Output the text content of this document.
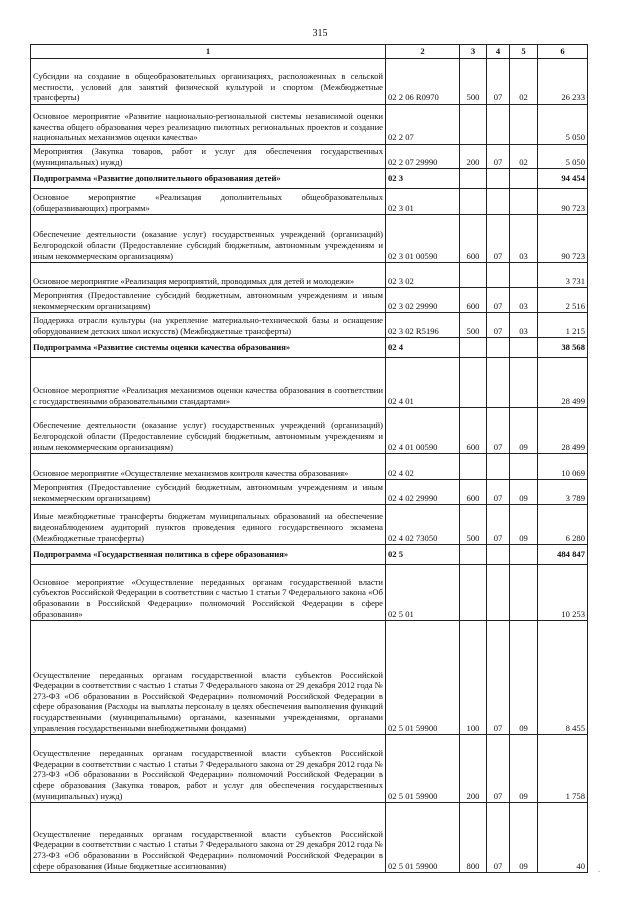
315
1	2	3	4	5	6
Субсидии на создание в общеобразовательных организациях, расположенных в сельской местности, условий для занятий физической культурой и спортом (Межбюджетные трансферты)	02 2 06 R0970	500	07	02	26 233
Основное мероприятие «Развитие национально-региональной системы независимой оценки качества общего образования через реализацию пилотных региональных проектов и создание национальных механизмов оценки качества»	02 2 07				5 050
Мероприятия (Закупка товаров, работ и услуг для обеспечения государственных (муниципальных) нужд)	02 2 07 29990	200	07	02	5 050
Подпрограмма «Развитие дополнительного образования детей»	02 3				94 454
Основное мероприятие «Реализация дополнительных общеобразовательных (общеразвивающих) программ»	02 3 01				90 723
Обеспечение деятельности (оказание услуг) государственных учреждений (организаций) Белгородской области (Предоставление субсидий бюджетным, автономным учреждениям и иным некоммерческим организациям)	02 3 01 00590	600	07	03	90 723
Основное мероприятие «Реализация мероприятий, проводимых для детей и молодежи»	02 3 02				3 731
Мероприятия (Предоставление субсидий бюджетным, автономным учреждениям и иным некоммерческим организациям)	02 3 02 29990	600	07	03	2 516
Поддержка отрасли культуры (на укрепление материально-технической базы и оснащение оборудованием детских школ искусств) (Межбюджетные трансферты)	02 3 02 R5196	500	07	03	1 215
Подпрограмма «Развитие системы оценки качества образования»	02 4				38 568
Основное мероприятие «Реализация механизмов оценки качества образования в соответствии с государственными образовательными стандартами»	02 4 01				28 499
Обеспечение деятельности (оказание услуг) государственных учреждений (организаций) Белгородской области (Предоставление субсидий бюджетным, автономным учреждениям и иным некоммерческим организациям)	02 4 01 00590	600	07	09	28 499
Основное мероприятие «Осуществление механизмов контроля качества образования»	02 4 02				10 069
Мероприятия (Предоставление субсидий бюджетным, автономным учреждениям и иным некоммерческим организациям)	02 4 02 29990	600	07	09	3 789
Иные межбюджетные трансферты бюджетам муниципальных образований на обеспечение видеонаблюдением аудиторий пунктов проведения единого государственного экзамена (Межбюджетные трансферты)	02 4 02 73050	500	07	09	6 280
Подпрограмма «Государственная политика в сфере образования»	02 5				484 847
Основное мероприятие «Осуществление переданных органам государственной власти субъектов Российской Федерации в соответствии с частью 1 статьи 7 Федерального закона «Об образовании в Российской Федерации» полномочий Российской Федерации в сфере образования»	02 5 01				10 253
Осуществление переданных органам государственной власти субъектов Российской Федерации в соответствии с частью 1 статьи 7 Федерального закона от 29 декабря 2012 года № 273-ФЗ «Об образовании в Российской Федерации» полномочий Российской Федерации в сфере образования (Расходы на выплаты персоналу в целях обеспечения выполнения функций государственными (муниципальными) органами, казенными учреждениями, органами управления государственными внебюджетными фондами)	02 5 01 59900	100	07	09	8 455
Осуществление переданных органам государственной власти субъектов Российской Федерации в соответствии с частью 1 статьи 7 Федерального закона от 29 декабря 2012 года № 273-ФЗ «Об образовании в Российской Федерации» полномочий Российской Федерации в сфере образования (Закупка товаров, работ и услуг для обеспечения государственных (муниципальных) нужд)	02 5 01 59900	200	07	09	1 758
Осуществление переданных органам государственной власти субъектов Российской Федерации в соответствии с частью 1 статьи 7 Федерального закона от 29 декабря 2012 года № 273-ФЗ «Об образовании в Российской Федерации» полномочий Российской Федерации в сфере образования (Иные бюджетные ассигнования)	02 5 01 59900	800	07	09	40 .
